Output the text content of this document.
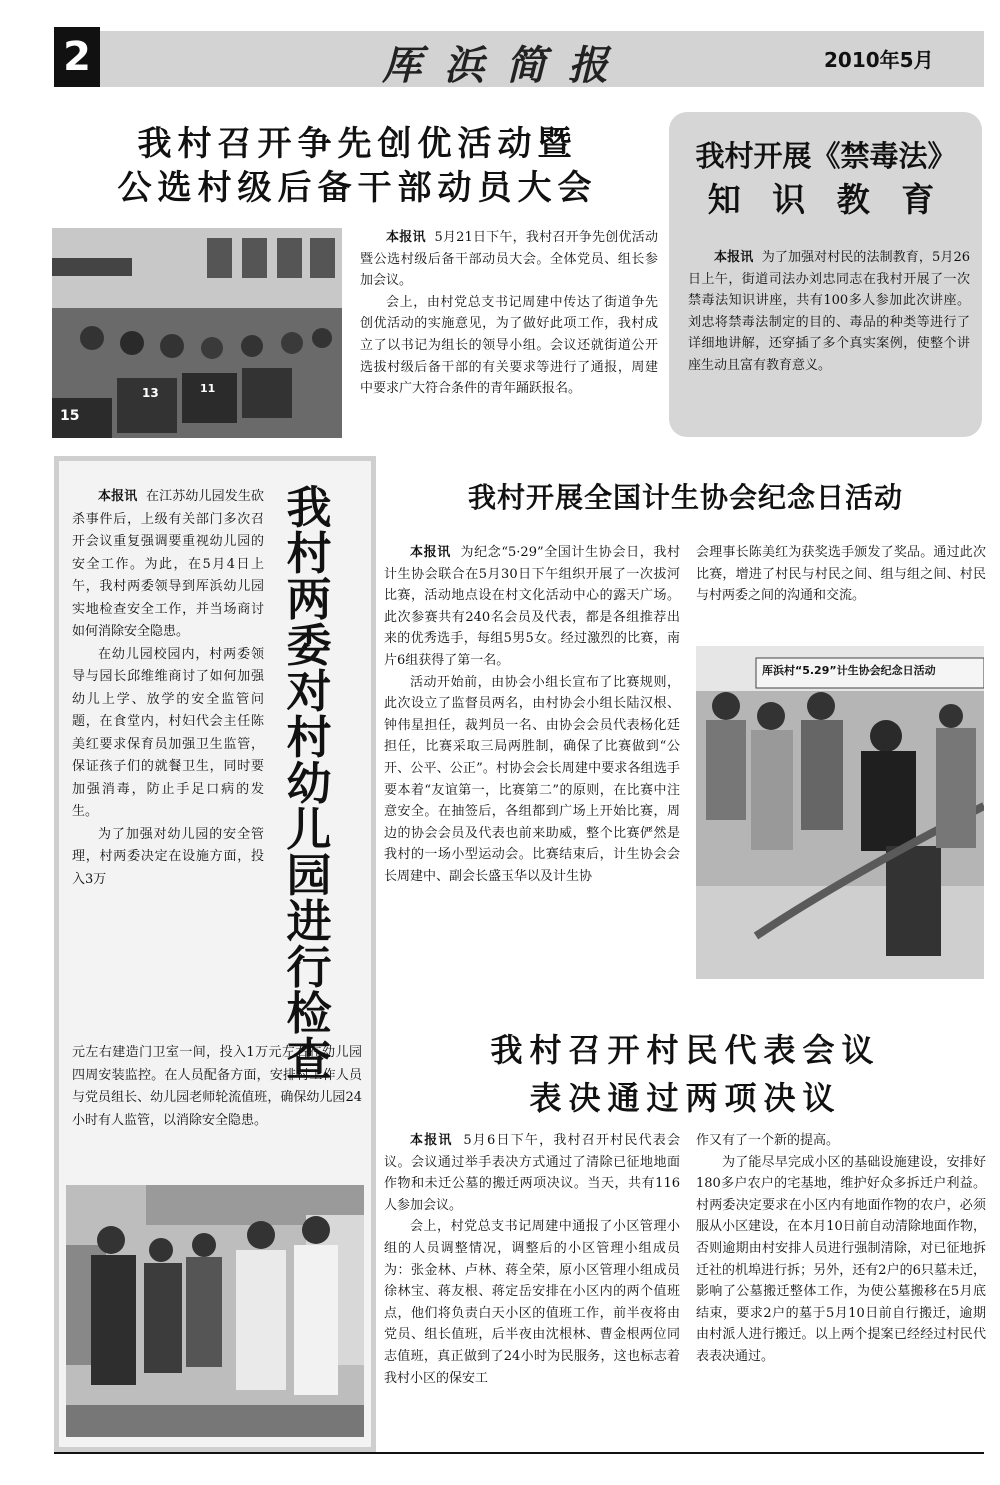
2	厍浜简报	2010年5月
我村召开争先创优活动暨
公选村级后备干部动员大会
15
13	11

本报讯 5月21日下午，我村召开争先创优活动暨公选村级后备干部动员大会。全体党员、组长参加会议。

会上，由村党总支书记周建中传达了街道争先创优活动的实施意见，为了做好此项工作，我村成立了以书记为组长的领导小组。会议还就街道公开选拔村级后备干部的有关要求等进行了通报，周建中要求广大符合条件的青年踊跃报名。

我村开展《禁毒法》
知 识 教 育

本报讯 为了加强对村民的法制教育，5月26日上午，街道司法办刘忠同志在我村开展了一次禁毒法知识讲座，共有100多人参加此次讲座。刘忠将禁毒法制定的目的、毒品的种类等进行了详细地讲解，还穿插了多个真实案例，使整个讲座生动且富有教育意义。

我
村
两
委
对
村
幼
儿
园
进
行
检
查

本报讯 在江苏幼儿园发生砍杀事件后，上级有关部门多次召开会议重复强调要重视幼儿园的安全工作。为此，在5月4日上午，我村两委领导到厍浜幼儿园实地检查安全工作，并当场商讨如何消除安全隐患。

在幼儿园校园内，村两委领导与园长邱维维商讨了如何加强幼儿上学、放学的安全监管问题，在食堂内，村妇代会主任陈美红要求保育员加强卫生监管，保证孩子们的就餐卫生，同时要加强消毒，防止手足口病的发生。

为了加强对幼儿园的安全管理，村两委决定在设施方面，投入3万

元左右建造门卫室一间，投入1万元左右在幼儿园四周安装监控。在人员配备方面，安排村工作人员与党员组长、幼儿园老师轮流值班，确保幼儿园24小时有人监管，以消除安全隐患。
我村开展全国计生协会纪念日活动

本报讯 为纪念“5·29”全国计生协会日，我村计生协会联合在5月30日下午组织开展了一次拔河比赛，活动地点设在村文化活动中心的露天广场。此次参赛共有240名会员及代表，都是各组推荐出来的优秀选手，每组5男5女。经过激烈的比赛，南片6组获得了第一名。

活动开始前，由协会小组长宣布了比赛规则，此次设立了监督员两名，由村协会小组长陆汉根、钟伟星担任，裁判员一名、由协会会员代表杨化廷担任，比赛采取三局两胜制，确保了比赛做到“公开、公平、公正”。村协会会长周建中要求各组选手要本着“友谊第一，比赛第二”的原则，在比赛中注意安全。在抽签后，各组都到广场上开始比赛，周边的协会会员及代表也前来助威，整个比赛俨然是我村的一场小型运动会。比赛结束后，计生协会会长周建中、副会长盛玉华以及计生协

会理事长陈美红为获奖选手颁发了奖品。通过此次比赛，增进了村民与村民之间、组与组之间、村民与村两委之间的沟通和交流。
厍浜村“5.29”计生协会纪念日活动
我村召开村民代表会议
表决通过两项决议

本报讯 5月6日下午，我村召开村民代表会议。会议通过举手表决方式通过了清除已征地地面作物和未迁公墓的搬迁两项决议。当天，共有116人参加会议。

会上，村党总支书记周建中通报了小区管理小组的人员调整情况，调整后的小区管理小组成员为：张金林、卢林、蒋全荣，原小区管理小组成员徐林宝、蒋友根、蒋定岳安排在小区内的两个值班点，他们将负责白天小区的值班工作，前半夜将由党员、组长值班，后半夜由沈根林、曹金根两位同志值班，真正做到了24小时为民服务，这也标志着我村小区的保安工

作又有了一个新的提高。

为了能尽早完成小区的基础设施建设，安排好180多户农户的宅基地，维护好众多拆迁户利益。村两委决定要求在小区内有地面作物的农户，必须服从小区建设，在本月10日前自动清除地面作物，否则逾期由村安排人员进行强制清除，对已征地拆迁社的机埠进行拆；另外，还有2户的6只墓未迁，影响了公墓搬迁整体工作，为使公墓搬移在5月底结束，要求2户的墓于5月10日前自行搬迁，逾期由村派人进行搬迁。以上两个提案已经经过村民代表表决通过。
